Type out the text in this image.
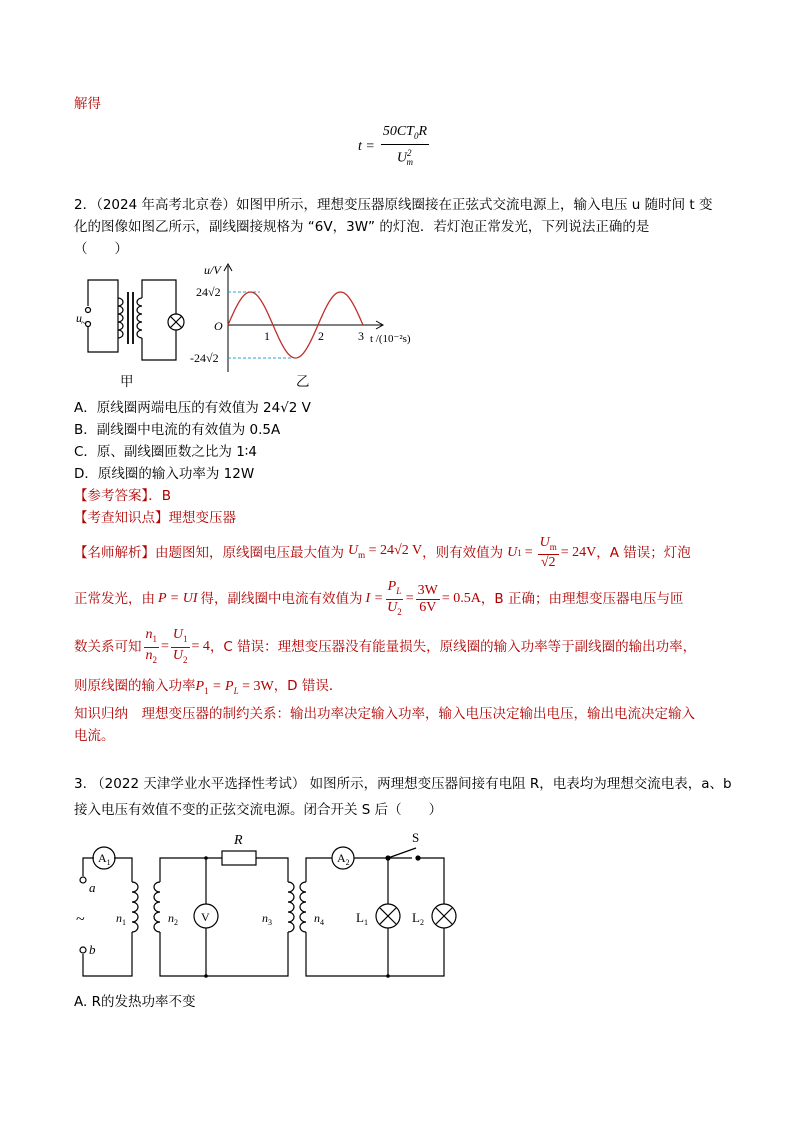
解得
$t = \frac{50CT_0R}{U^2_m}$
2．（2024 年高考北京卷）如图甲所示，理想变压器原线圈接在正弦式交流电源上，输入电压 u 随时间 t 变
化的图像如图乙所示，副线圈接规格为 “6V，3W” 的灯泡．若灯泡正常发光，下列说法正确的是
（　　）
u ~
甲
u/V
24√2
O
-24√2
1	2	3 t /(10⁻²s)
乙
A．原线圈两端电压的有效值为 24√2 V
B．副线圈中电流的有效值为 0.5A
C．原、副线圈匝数之比为 1∶4
D．原线圈的输入功率为 12W
【参考答案】．B
【考查知识点】理想变压器
【名师解析】由题图知，原线圈电压最大值为 $U_m = 24√2$ V ，则有效值为 U $1 = \frac{U_m}{√2} = 24V$ ，A 错误；灯泡
正常发光，由 P = UI 得，副线圈中电流有效值为 $I = \frac{P_L}{U_2} = \frac{3W}{6V} = 0.5A$ ，B 正确；由理想变压器电压与匝
数关系可知 $\frac{n_1}{n_2} = \frac{U_1}{U_2} = 4$ ，C 错误：理想变压器没有能量损失，原线圈的输入功率等于副线圈的输出功率，
则原线圈的输入功率$P_1 = P_L = 3W$，D 错误．
知识归纳　理想变压器的制约关系：输出功率决定输入功率，输入电压决定输出电压，输出电流决定输入
电流。
3. （2022 天津学业水平选择性考试） 如图所示，两理想变压器间接有电阻 R，电表均为理想交流电表，a、b
接入电压有效值不变的正弦交流电源。闭合开关 S 后（　　）
$A_1$
a
~
b
$n_1$	$n_2$ V
R
$n_3$	$n_4$
$A_2$
S
$L_1$	$L_2$
A. R的发热功率不变
